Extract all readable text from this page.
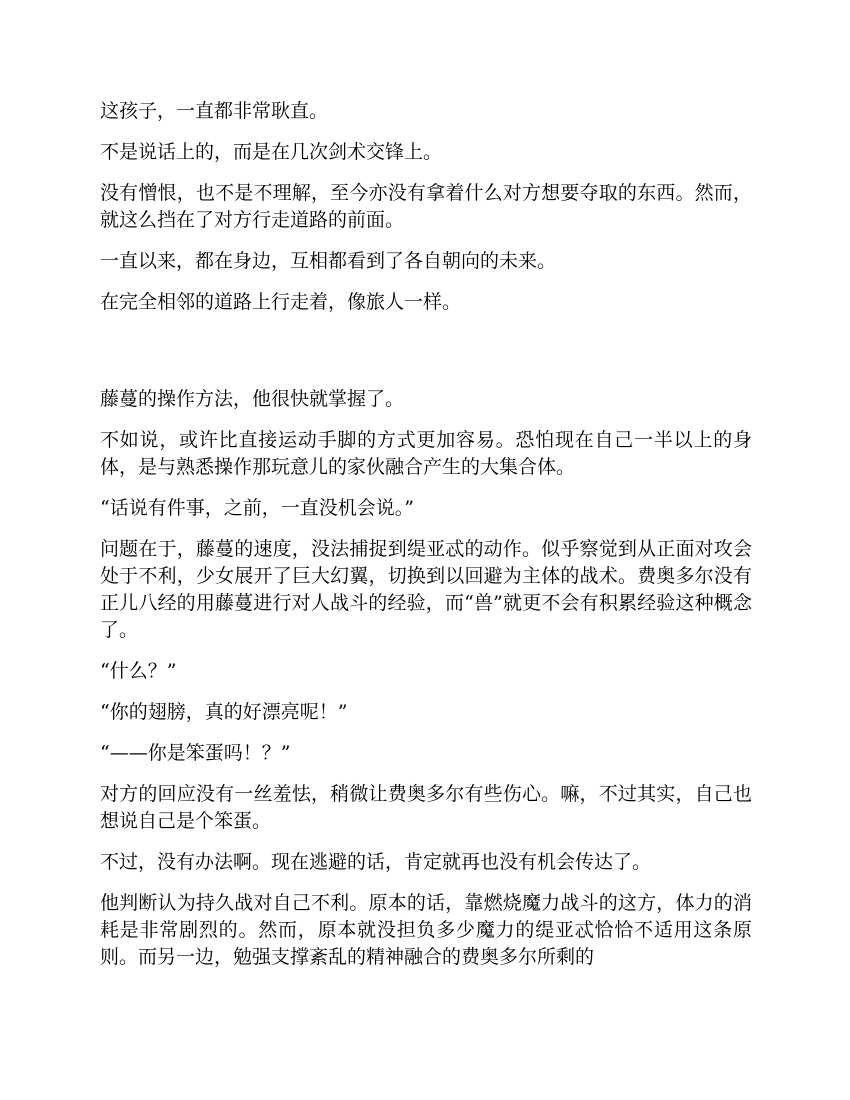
这孩子，一直都非常耿直。

不是说话上的，而是在几次剑术交锋上。

没有憎恨，也不是不理解，至今亦没有拿着什么对方想要夺取的东西。然而，就这么挡在了对方行走道路的前面。

一直以来，都在身边，互相都看到了各自朝向的未来。

在完全相邻的道路上行走着，像旅人一样。

藤蔓的操作方法，他很快就掌握了。

不如说，或许比直接运动手脚的方式更加容易。恐怕现在自己一半以上的身体，是与熟悉操作那玩意儿的家伙融合产生的大集合体。

“话说有件事，之前，一直没机会说。”

问题在于，藤蔓的速度，没法捕捉到缇亚忒的动作。似乎察觉到从正面对攻会处于不利，少女展开了巨大幻翼，切换到以回避为主体的战术。费奥多尔没有正儿八经的用藤蔓进行对人战斗的经验，而“兽”就更不会有积累经验这种概念了。

“什么？”

“你的翅膀，真的好漂亮呢！”

“——你是笨蛋吗！？”

对方的回应没有一丝羞怯，稍微让费奥多尔有些伤心。嘛，不过其实，自己也想说自己是个笨蛋。

不过，没有办法啊。现在逃避的话，肯定就再也没有机会传达了。

他判断认为持久战对自己不利。原本的话，靠燃烧魔力战斗的这方，体力的消耗是非常剧烈的。然而，原本就没担负多少魔力的缇亚忒恰恰不适用这条原则。而另一边，勉强支撑紊乱的精神融合的费奥多尔所剩的
